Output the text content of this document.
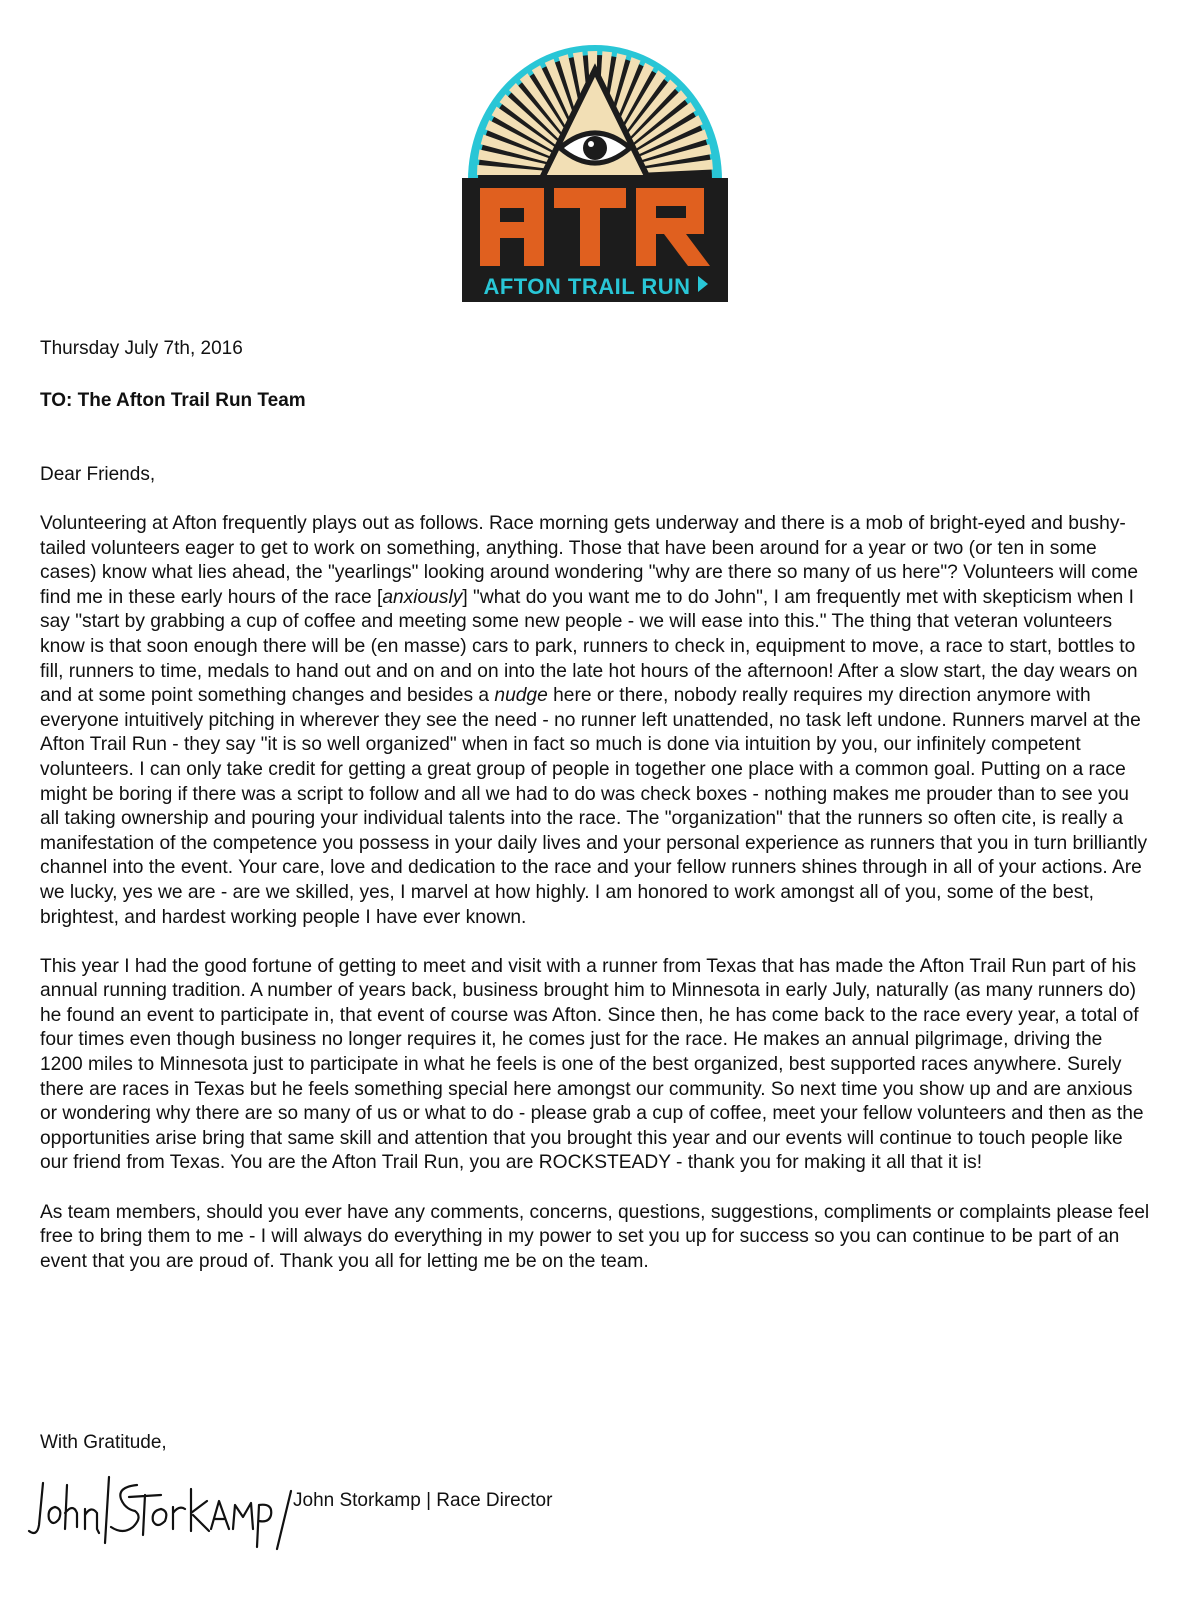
AFTON TRAIL RUN
Thursday July 7th, 2016
TO: The Afton Trail Run Team
Dear Friends,

Volunteering at Afton frequently plays out as follows. Race morning gets underway and there is a mob of bright-eyed and bushy-tailed volunteers eager to get to work on something, anything. Those that have been around for a year or two (or ten in some cases) know what lies ahead, the "yearlings" looking around wondering "why are there so many of us here"? Volunteers will come find me in these early hours of the race [anxiously] "what do you want me to do John", I am frequently met with skepticism when I say "start by grabbing a cup of coffee and meeting some new people - we will ease into this." The thing that veteran volunteers know is that soon enough there will be (en masse) cars to park, runners to check in, equipment to move, a race to start, bottles to fill, runners to time, medals to hand out and on and on into the late hot hours of the afternoon! After a slow start, the day wears on and at some point something changes and besides a nudge here or there, nobody really requires my direction anymore with everyone intuitively pitching in wherever they see the need - no runner left unattended, no task left undone. Runners marvel at the Afton Trail Run - they say "it is so well organized" when in fact so much is done via intuition by you, our infinitely competent volunteers. I can only take credit for getting a great group of people in together one place with a common goal. Putting on a race might be boring if there was a script to follow and all we had to do was check boxes - nothing makes me prouder than to see you all taking ownership and pouring your individual talents into the race. The "organization" that the runners so often cite, is really a manifestation of the competence you possess in your daily lives and your personal experience as runners that you in turn brilliantly channel into the event. Your care, love and dedication to the race and your fellow runners shines through in all of your actions. Are we lucky, yes we are - are we skilled, yes, I marvel at how highly. I am honored to work amongst all of you, some of the best, brightest, and hardest working people I have ever known.

This year I had the good fortune of getting to meet and visit with a runner from Texas that has made the Afton Trail Run part of his annual running tradition. A number of years back, business brought him to Minnesota in early July, naturally (as many runners do) he found an event to participate in, that event of course was Afton. Since then, he has come back to the race every year, a total of four times even though business no longer requires it, he comes just for the race. He makes an annual pilgrimage, driving the 1200 miles to Minnesota just to participate in what he feels is one of the best organized, best supported races anywhere. Surely there are races in Texas but he feels something special here amongst our community. So next time you show up and are anxious or wondering why there are so many of us or what to do - please grab a cup of coffee, meet your fellow volunteers and then as the opportunities arise bring that same skill and attention that you brought this year and our events will continue to touch people like our friend from Texas. You are the Afton Trail Run, you are ROCKSTEADY - thank you for making it all that it is!

As team members, should you ever have any comments, concerns, questions, suggestions, compliments or complaints please feel free to bring them to me - I will always do everything in my power to set you up for success so you can continue to be part of an event that you are proud of. Thank you all for letting me be on the team.

With Gratitude,
John Storkamp | Race Director
